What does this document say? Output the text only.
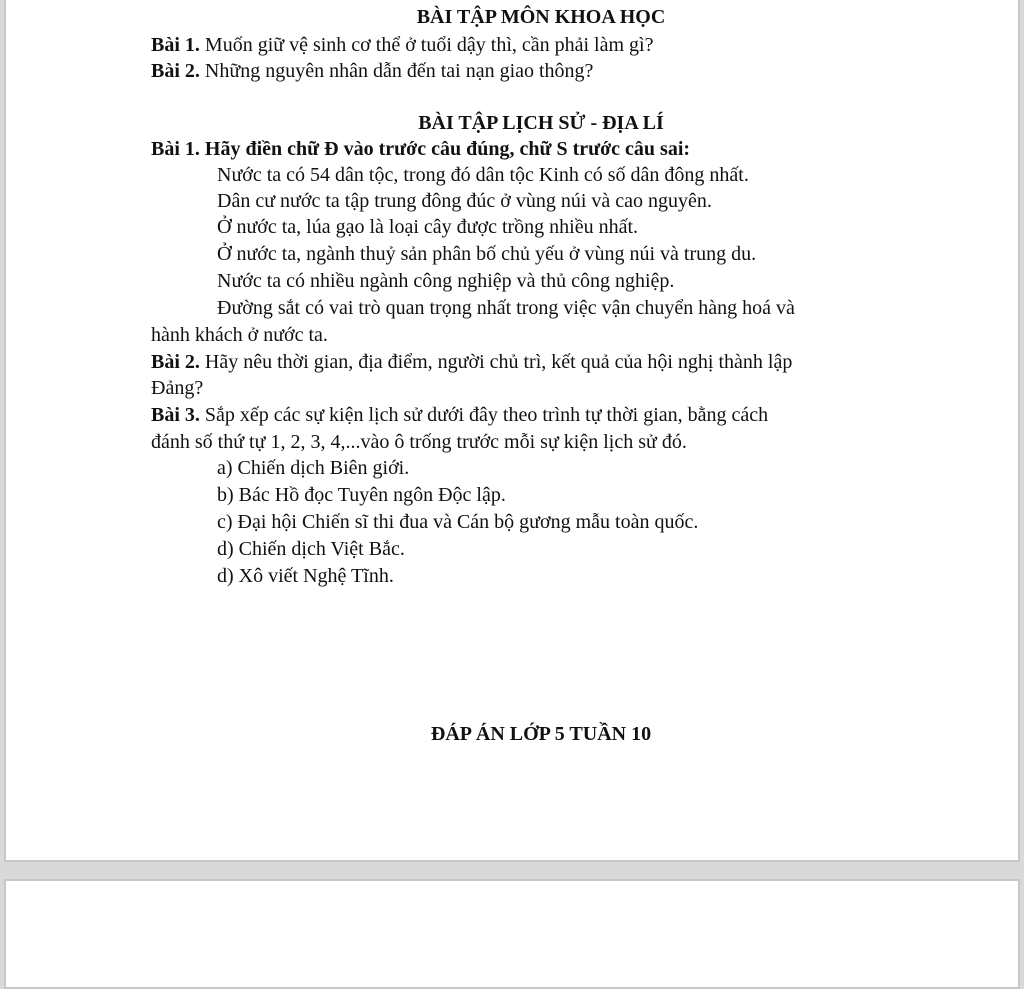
BÀI TẬP MÔN KHOA HỌC
Bài 1. Muốn giữ vệ sinh cơ thể ở tuổi dậy thì, cần phải làm gì?
Bài 2. Những nguyên nhân dẫn đến tai nạn giao thông?
BÀI TẬP LỊCH SỬ - ĐỊA LÍ
Bài 1. Hãy điền chữ Đ vào trước câu đúng, chữ S trước câu sai:
Nước ta có 54 dân tộc, trong đó dân tộc Kinh có số dân đông nhất.
Dân cư nước ta tập trung đông đúc ở vùng núi và cao nguyên.
Ở nước ta, lúa gạo là loại cây được trồng nhiều nhất.
Ở nước ta, ngành thuỷ sản phân bố chủ yếu ở vùng núi và trung du.
Nước ta có nhiều ngành công nghiệp và thủ công nghiệp.
Đường sắt có vai trò quan trọng nhất trong việc vận chuyển hàng hoá và
hành khách ở nước ta.
Bài 2. Hãy nêu thời gian, địa điểm, người chủ trì, kết quả của hội nghị thành lập
Đảng?
Bài 3. Sắp xếp các sự kiện lịch sử dưới đây theo trình tự thời gian, bằng cách
đánh số thứ tự 1, 2, 3, 4,...vào ô trống trước mỗi sự kiện lịch sử đó.
a) Chiến dịch Biên giới.
b) Bác Hồ đọc Tuyên ngôn Độc lập.
c) Đại hội Chiến sĩ thi đua và Cán bộ gương mẫu toàn quốc.
d) Chiến dịch Việt Bắc.
d) Xô viết Nghệ Tĩnh.
ĐÁP ÁN LỚP 5 TUẦN 10
